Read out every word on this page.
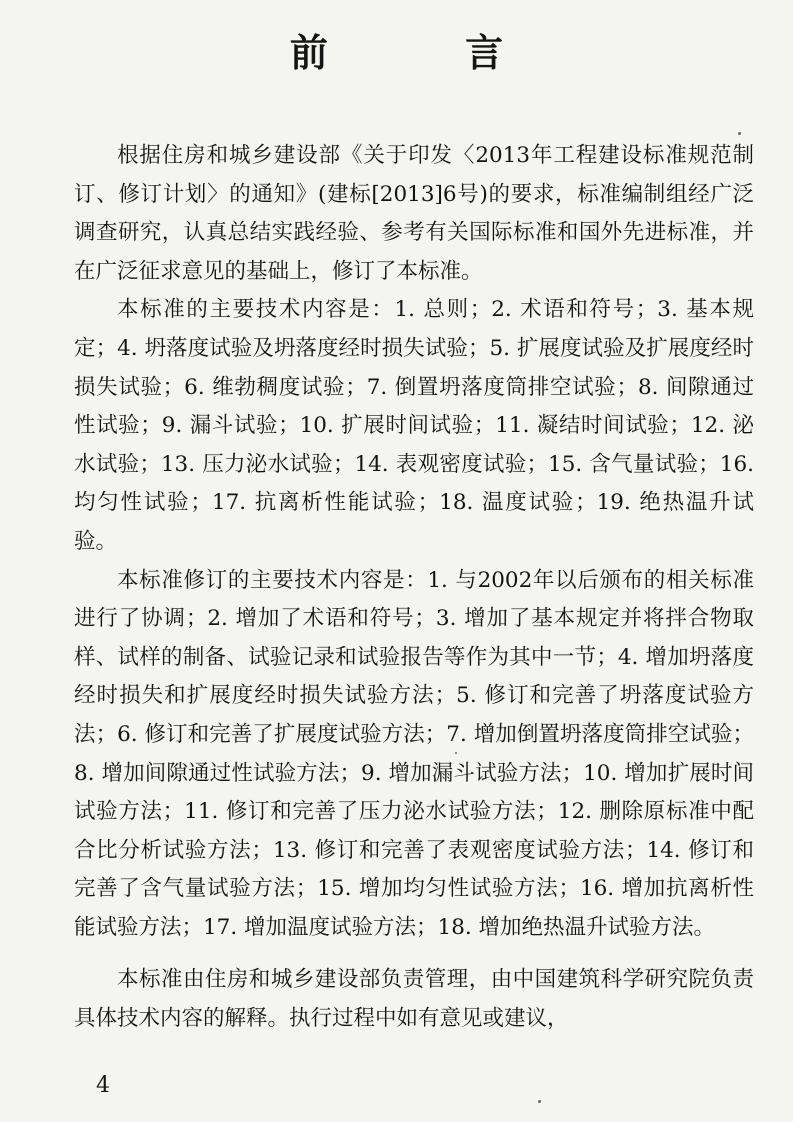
前 言

根据住房和城乡建设部《关于印发〈2013年工程建设标准规范制订、修订计划〉的通知》(建标[2013]6号)的要求，标准编制组经广泛调查研究，认真总结实践经验、参考有关国际标准和国外先进标准，并在广泛征求意见的基础上，修订了本标准。

本标准的主要技术内容是：1. 总则；2. 术语和符号；3. 基本规定；4. 坍落度试验及坍落度经时损失试验；5. 扩展度试验及扩展度经时损失试验；6. 维勃稠度试验；7. 倒置坍落度筒排空试验；8. 间隙通过性试验；9. 漏斗试验；10. 扩展时间试验；11. 凝结时间试验；12. 泌水试验；13. 压力泌水试验；14. 表观密度试验；15. 含气量试验；16. 均匀性试验；17. 抗离析性能试验；18. 温度试验；19. 绝热温升试验。

本标准修订的主要技术内容是：1. 与2002年以后颁布的相关标准进行了协调；2. 增加了术语和符号；3. 增加了基本规定并将拌合物取样、试样的制备、试验记录和试验报告等作为其中一节；4. 增加坍落度经时损失和扩展度经时损失试验方法；5. 修订和完善了坍落度试验方法；6. 修订和完善了扩展度试验方法；7. 增加倒置坍落度筒排空试验；8. 增加间隙通过性试验方法；9. 增加漏斗试验方法；10. 增加扩展时间试验方法；11. 修订和完善了压力泌水试验方法；12. 删除原标准中配合比分析试验方法；13. 修订和完善了表观密度试验方法；14. 修订和完善了含气量试验方法；15. 增加均匀性试验方法；16. 增加抗离析性能试验方法；17. 增加温度试验方法；18. 增加绝热温升试验方法。

本标准由住房和城乡建设部负责管理，由中国建筑科学研究院负责具体技术内容的解释。执行过程中如有意见或建议，

4
